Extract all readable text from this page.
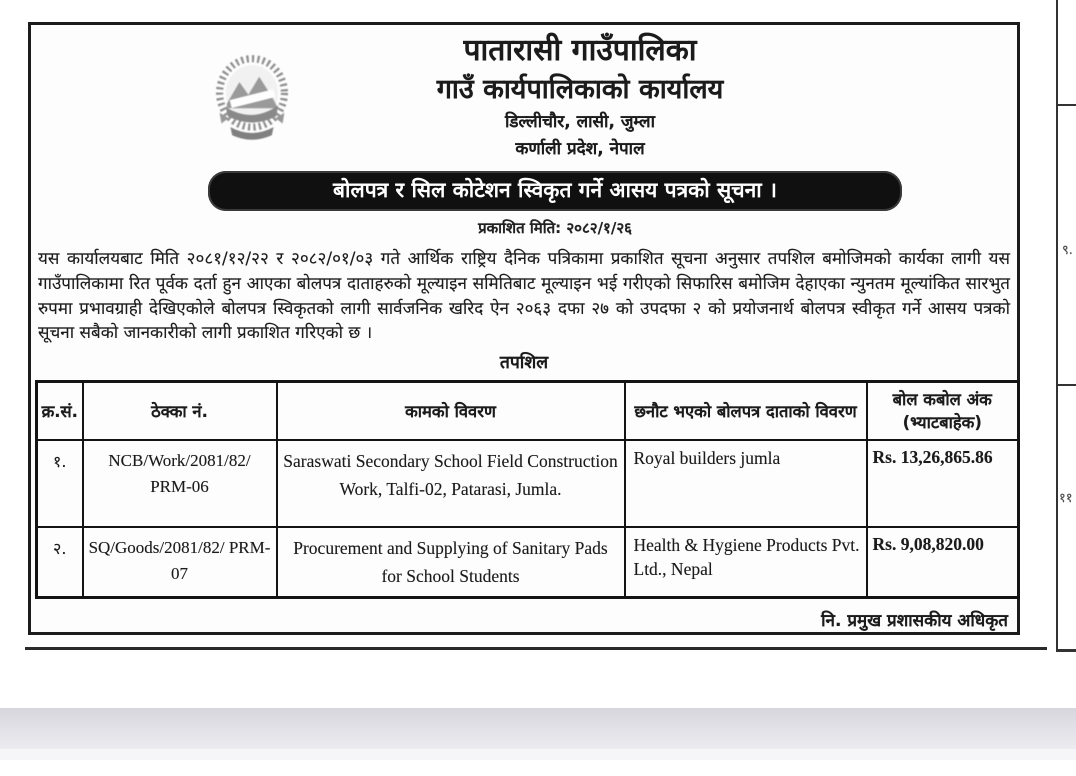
पातारासी गाउँपालिका
गाउँ कार्यपालिकाको कार्यालय
डिल्लीचौर, लासी, जुम्ला
कर्णाली प्रदेश, नेपाल
बोलपत्र र सिल कोटेशन स्विकृत गर्ने आसय पत्रको सूचना ।
प्रकाशित मिति: २०८२/१/२६
यस कार्यालयबाट मिति २०८१/१२/२२ र २०८२/०१/०३ गते आर्थिक राष्ट्रिय दैनिक पत्रिकामा प्रकाशित सूचना अनुसार तपशिल बमोजिमको कार्यका लागी यस गाउँपालिकामा रित पूर्वक दर्ता हुन आएका बोलपत्र दाताहरुको मूल्याइन समितिबाट मूल्याइन भई गरीएको सिफारिस बमोजिम देहाएका न्युनतम मूल्यांकित सारभुत रुपमा प्रभावग्राही देखिएकोले बोलपत्र स्विकृतको लागी सार्वजनिक खरिद ऐन २०६३ दफा २७ को उपदफा २ को प्रयोजनार्थ बोलपत्र स्वीकृत गर्ने आसय पत्रको सूचना सबैको जानकारीको लागी प्रकाशित गरिएको छ ।
तपशिल
क्र.सं.	ठेक्का नं.	कामको विवरण	छनौट भएको बोलपत्र दाताको विवरण	बोल कबोल अंक (भ्याटबाहेक)
१.	NCB/Work/2081/82/ PRM-06	Saraswati Secondary School Field Construction Work, Talfi-02, Patarasi, Jumla.	Royal builders jumla	Rs. 13,26,865.86
२.	SQ/Goods/2081/82/ PRM-07	Procurement and Supplying of Sanitary Pads for School Students	Health & Hygiene Products Pvt. Ltd., Nepal	Rs. 9,08,820.00
नि. प्रमुख प्रशासकीय अधिकृत
९.
११
